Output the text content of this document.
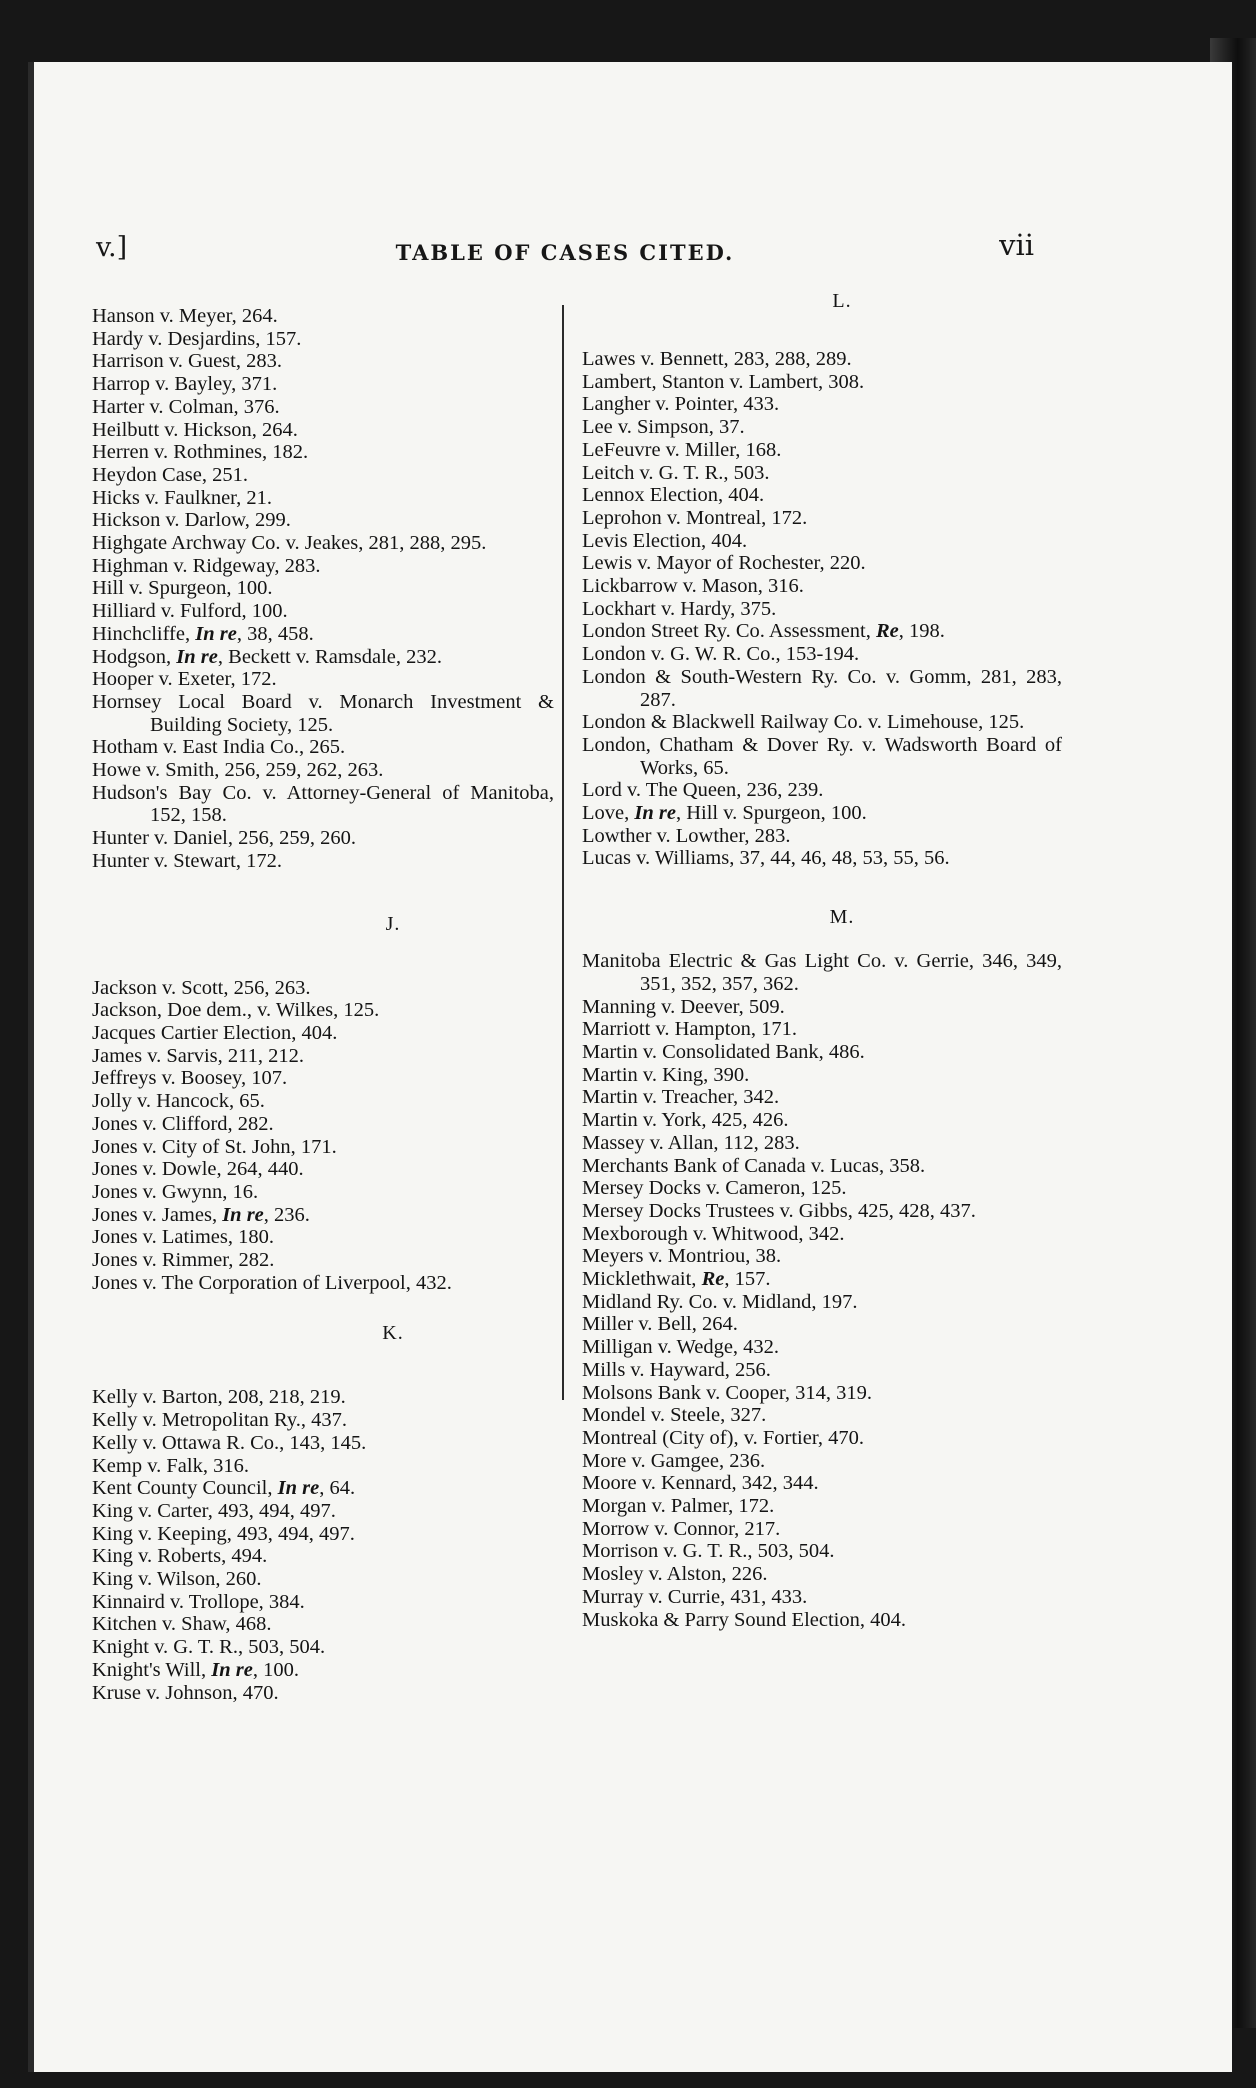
v.]	TABLE OF CASES CITED.	vii
Hanson v. Meyer, 264.
Hardy v. Desjardins, 157.
Harrison v. Guest, 283.
Harrop v. Bayley, 371.
Harter v. Colman, 376.
Heilbutt v. Hickson, 264.
Herren v. Rothmines, 182.
Heydon Case, 251.
Hicks v. Faulkner, 21.
Hickson v. Darlow, 299.
Highgate Archway Co. v. Jeakes, 281, 288, 295.
Highman v. Ridgeway, 283.
Hill v. Spurgeon, 100.
Hilliard v. Fulford, 100.
Hinchcliffe, In re, 38, 458.
Hodgson, In re, Beckett v. Ramsdale, 232.
Hooper v. Exeter, 172.
Hornsey Local Board v. Monarch Investment & Building Society, 125.
Hotham v. East India Co., 265.
Howe v. Smith, 256, 259, 262, 263.
Hudson's Bay Co. v. Attorney-General of Manitoba, 152, 158.
Hunter v. Daniel, 256, 259, 260.
Hunter v. Stewart, 172.
J.
Jackson v. Scott, 256, 263.
Jackson, Doe dem., v. Wilkes, 125.
Jacques Cartier Election, 404.
James v. Sarvis, 211, 212.
Jeffreys v. Boosey, 107.
Jolly v. Hancock, 65.
Jones v. Clifford, 282.
Jones v. City of St. John, 171.
Jones v. Dowle, 264, 440.
Jones v. Gwynn, 16.
Jones v. James, In re, 236.
Jones v. Latimes, 180.
Jones v. Rimmer, 282.
Jones v. The Corporation of Liverpool, 432.
K.
Kelly v. Barton, 208, 218, 219.
Kelly v. Metropolitan Ry., 437.
Kelly v. Ottawa R. Co., 143, 145.
Kemp v. Falk, 316.
Kent County Council, In re, 64.
King v. Carter, 493, 494, 497.
King v. Keeping, 493, 494, 497.
King v. Roberts, 494.
King v. Wilson, 260.
Kinnaird v. Trollope, 384.
Kitchen v. Shaw, 468.
Knight v. G. T. R., 503, 504.
Knight's Will, In re, 100.
Kruse v. Johnson, 470.
L.
Lawes v. Bennett, 283, 288, 289.
Lambert, Stanton v. Lambert, 308.
Langher v. Pointer, 433.
Lee v. Simpson, 37.
LeFeuvre v. Miller, 168.
Leitch v. G. T. R., 503.
Lennox Election, 404.
Leprohon v. Montreal, 172.
Levis Election, 404.
Lewis v. Mayor of Rochester, 220.
Lickbarrow v. Mason, 316.
Lockhart v. Hardy, 375.
London Street Ry. Co. Assessment, Re, 198.
London v. G. W. R. Co., 153-194.
London & South-Western Ry. Co. v. Gomm, 281, 283, 287.
London & Blackwell Railway Co. v. Limehouse, 125.
London, Chatham & Dover Ry. v. Wadsworth Board of Works, 65.
Lord v. The Queen, 236, 239.
Love, In re, Hill v. Spurgeon, 100.
Lowther v. Lowther, 283.
Lucas v. Williams, 37, 44, 46, 48, 53, 55, 56.
M.
Manitoba Electric & Gas Light Co. v. Gerrie, 346, 349, 351, 352, 357, 362.
Manning v. Deever, 509.
Marriott v. Hampton, 171.
Martin v. Consolidated Bank, 486.
Martin v. King, 390.
Martin v. Treacher, 342.
Martin v. York, 425, 426.
Massey v. Allan, 112, 283.
Merchants Bank of Canada v. Lucas, 358.
Mersey Docks v. Cameron, 125.
Mersey Docks Trustees v. Gibbs, 425, 428, 437.
Mexborough v. Whitwood, 342.
Meyers v. Montriou, 38.
Micklethwait, Re, 157.
Midland Ry. Co. v. Midland, 197.
Miller v. Bell, 264.
Milligan v. Wedge, 432.
Mills v. Hayward, 256.
Molsons Bank v. Cooper, 314, 319.
Mondel v. Steele, 327.
Montreal (City of), v. Fortier, 470.
More v. Gamgee, 236.
Moore v. Kennard, 342, 344.
Morgan v. Palmer, 172.
Morrow v. Connor, 217.
Morrison v. G. T. R., 503, 504.
Mosley v. Alston, 226.
Murray v. Currie, 431, 433.
Muskoka & Parry Sound Election, 404.
